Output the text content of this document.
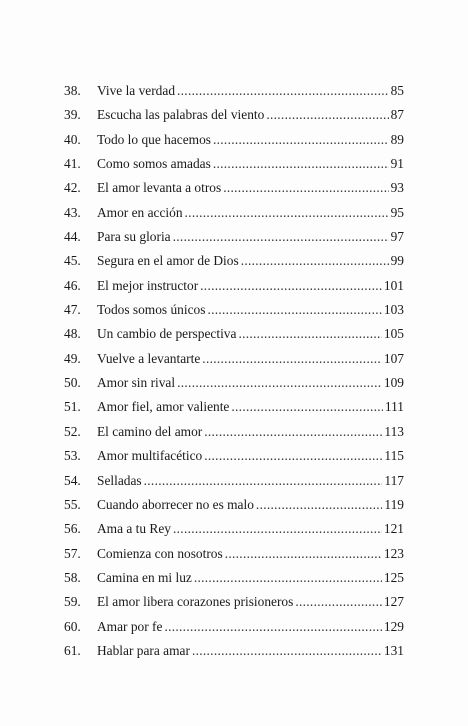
38.	Vive la verdad .....	85
39.	Escucha las palabras del viento .....	87
40.	Todo lo que hacemos .....	89
41.	Como somos amadas .....	91
42.	El amor levanta a otros .....	93
43.	Amor en acción .....	95
44.	Para su gloria .....	97
45.	Segura en el amor de Dios .....	99
46.	El mejor instructor .....	101
47.	Todos somos únicos .....	103
48.	Un cambio de perspectiva .....	105
49.	Vuelve a levantarte .....	107
50.	Amor sin rival .....	109
51.	Amor fiel, amor valiente .....	111
52.	El camino del amor .....	113
53.	Amor multifacético .....	115
54.	Selladas .....	117
55.	Cuando aborrecer no es malo .....	119
56.	Ama a tu Rey .....	121
57.	Comienza con nosotros .....	123
58.	Camina en mi luz .....	125
59.	El amor libera corazones prisioneros .....	127
60.	Amar por fe .....	129
61.	Hablar para amar .....	131
